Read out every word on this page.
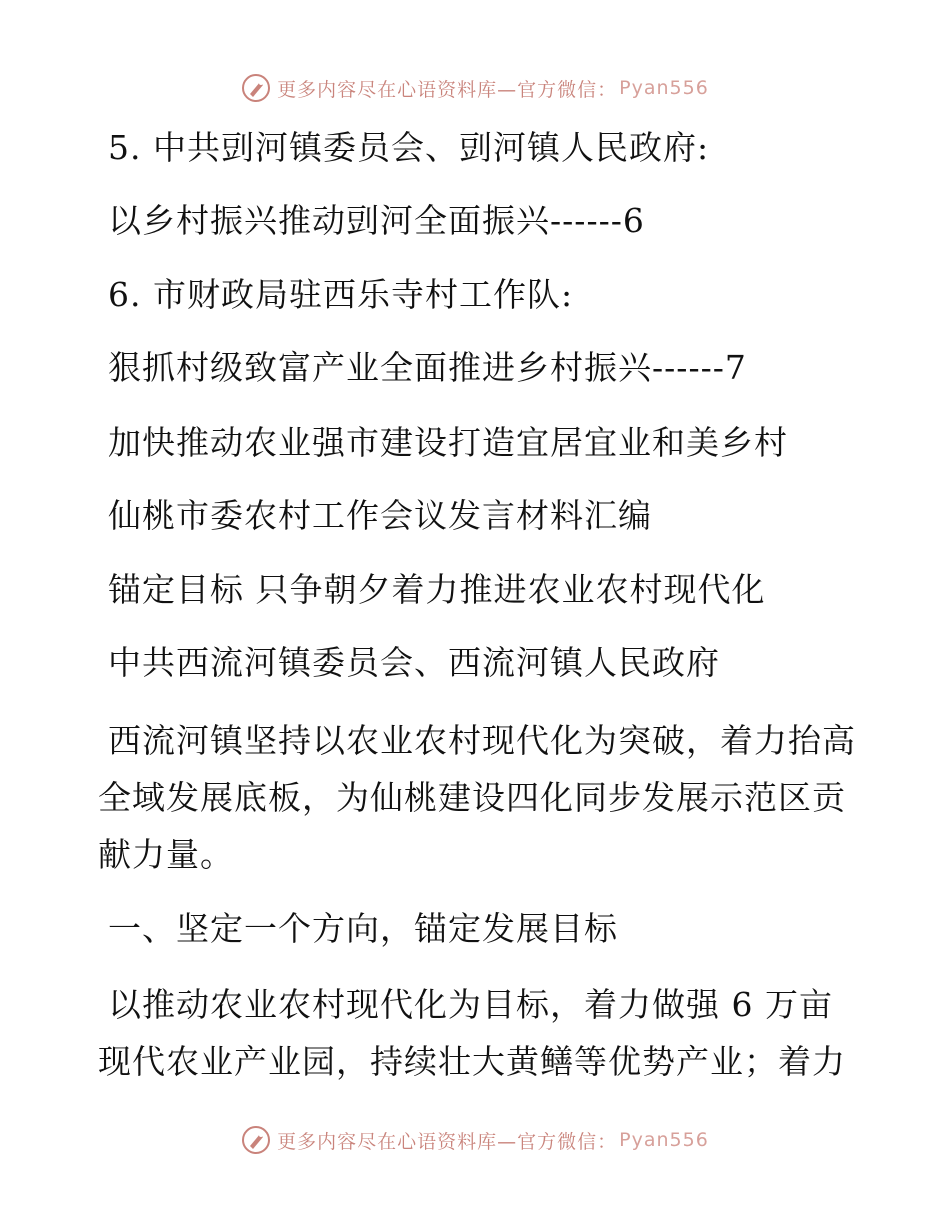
更多内容尽在心语资料库—官方微信： Pyan556
5. 中共剅河镇委员会、剅河镇人民政府:
以乡村振兴推动剅河全面振兴------6
6. 市财政局驻西乐寺村工作队:
狠抓村级致富产业全面推进乡村振兴------7
加快推动农业强市建设打造宜居宜业和美乡村
仙桃市委农村工作会议发言材料汇编
锚定目标 只争朝夕着力推进农业农村现代化
中共西流河镇委员会、西流河镇人民政府
西流河镇坚持以农业农村现代化为突破，着力抬高全域发展底板，为仙桃建设四化同步发展示范区贡献力量。
一、坚定一个方向，锚定发展目标
以推动农业农村现代化为目标，着力做强 6 万亩现代农业产业园，持续壮大黄鳝等优势产业；着力
更多内容尽在心语资料库—官方微信： Pyan556
